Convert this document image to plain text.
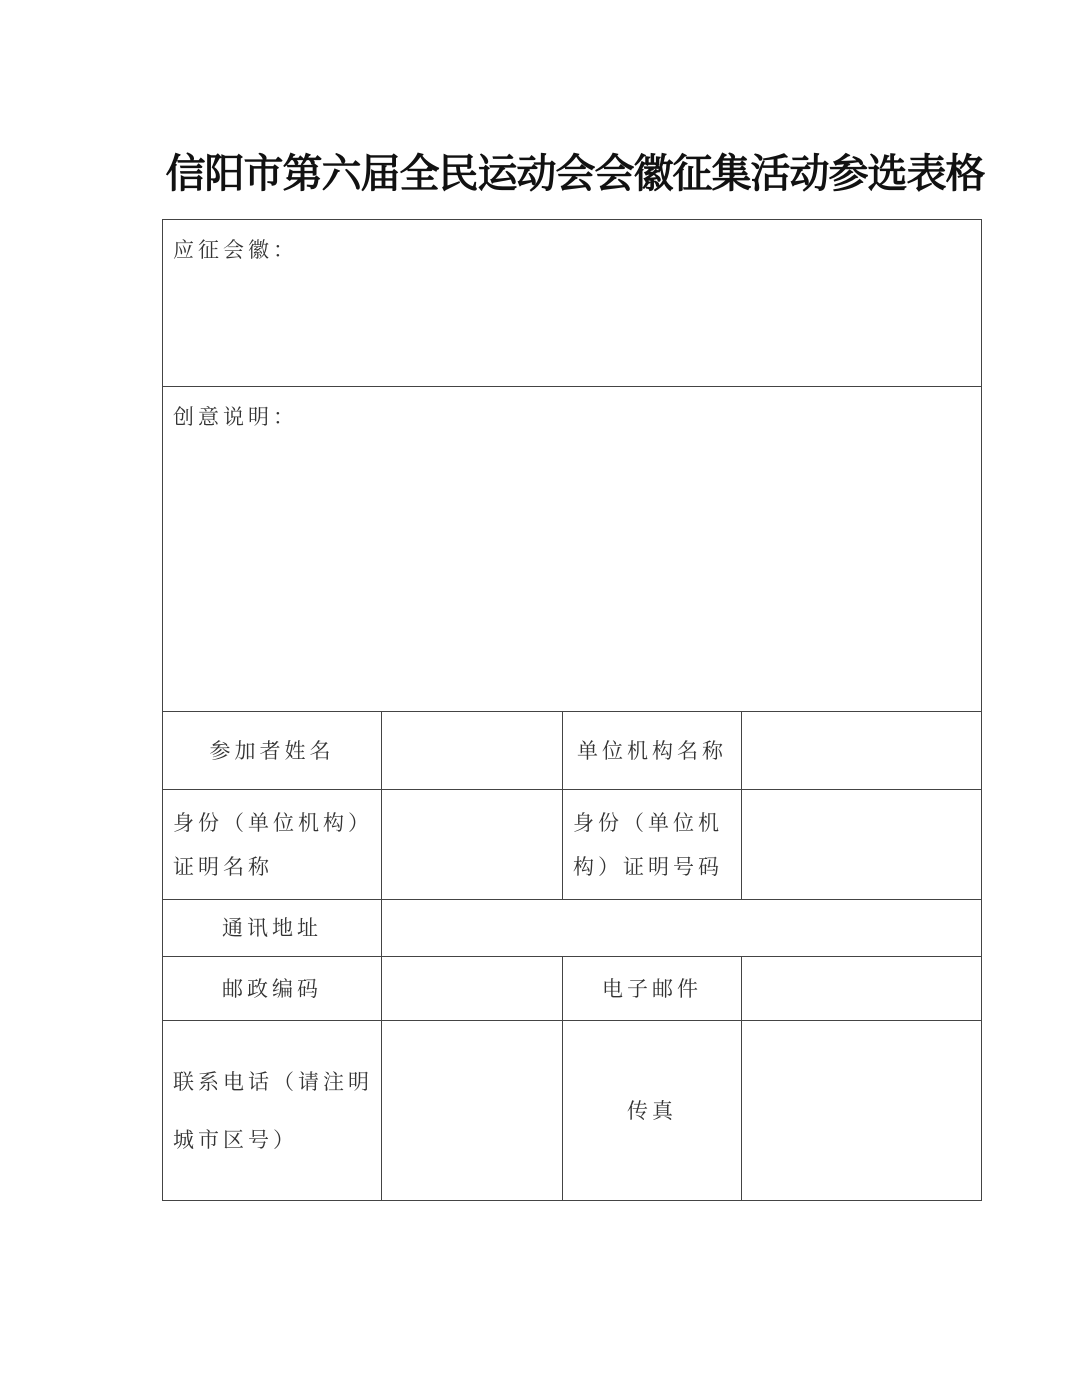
信阳市第六届全民运动会会徽征集活动参选表格
应征会徽：			
创意说明：			
参加者姓名		单位机构名称	
身份（单位机构）证明名称		身份（单位机构）证明号码	
通讯地址			
邮政编码		电子邮件	
联系电话（请注明城市区号）		传真	
